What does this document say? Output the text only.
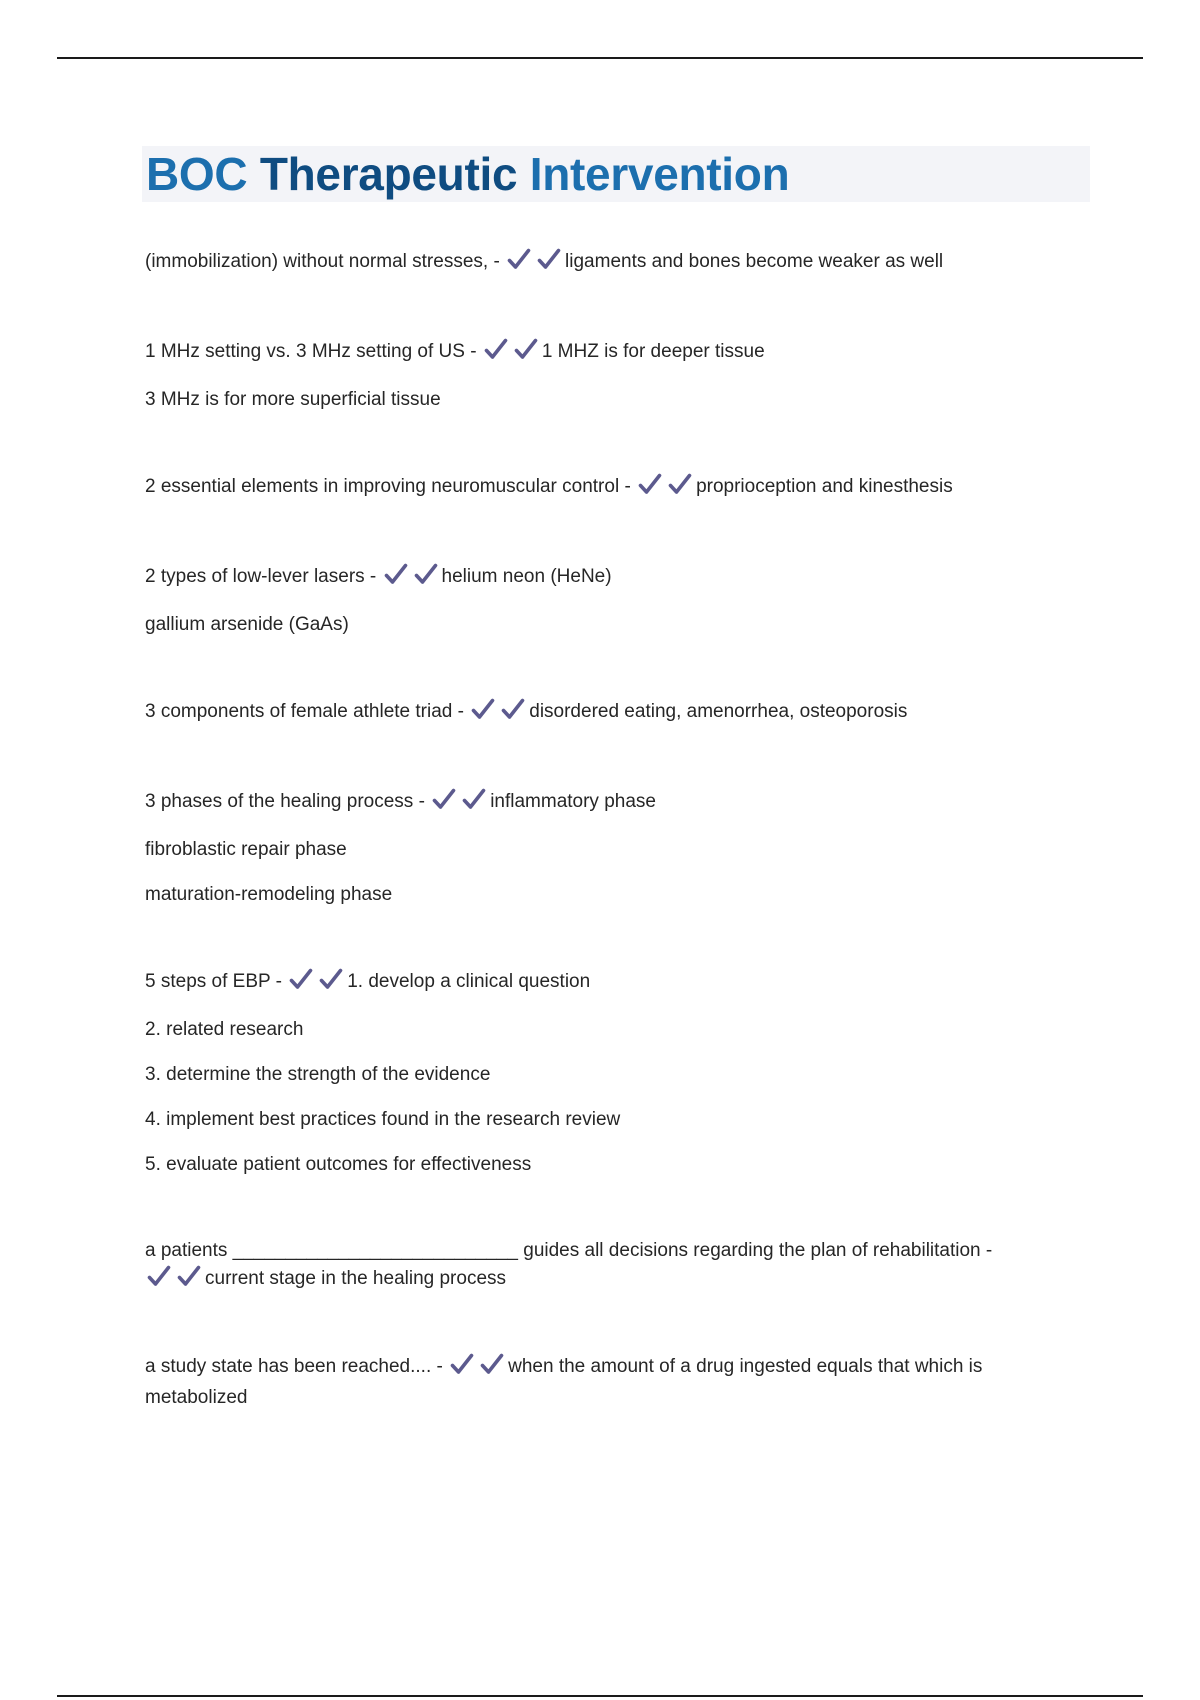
BOC Therapeutic Intervention
(immobilization) without normal stresses, -	ligaments and bones become weaker as well
1 MHz setting vs. 3 MHz setting of US -	1 MHZ is for deeper tissue
3 MHz is for more superficial tissue
2 essential elements in improving neuromuscular control -	proprioception and kinesthesis
2 types of low-lever lasers -	helium neon (HeNe)
gallium arsenide (GaAs)
3 components of female athlete triad -	disordered eating, amenorrhea, osteoporosis
3 phases of the healing process -	inflammatory phase
fibroblastic repair phase
maturation-remodeling phase
5 steps of EBP -	1. develop a clinical question
2. related research
3. determine the strength of the evidence
4. implement best practices found in the research review
5. evaluate patient outcomes for effectiveness
a patients ___________________________ guides all decisions regarding the plan of rehabilitation - current stage in the healing process
a study state has been reached.... -	when the amount of a drug ingested equals that which is metabolized
